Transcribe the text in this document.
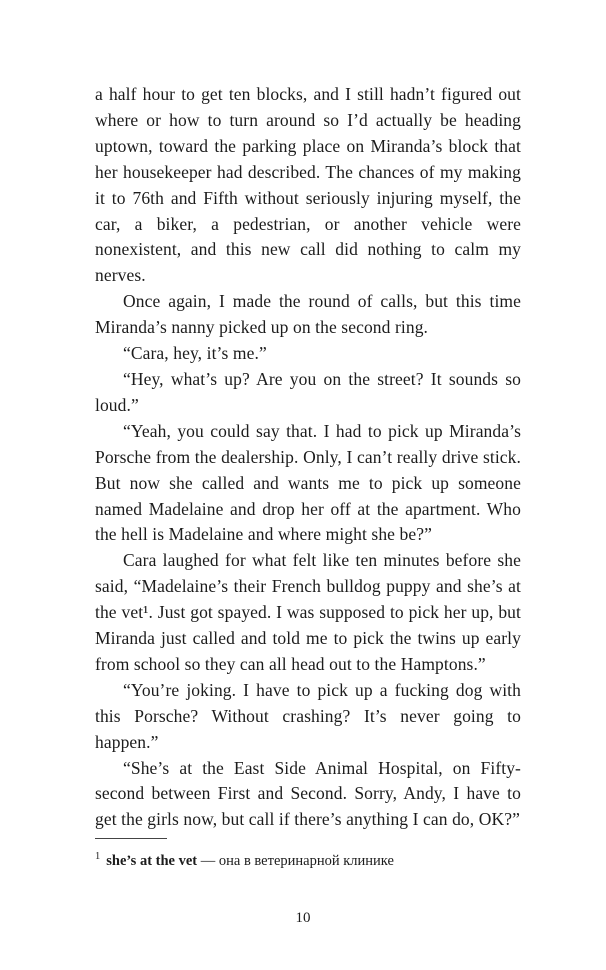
a half hour to get ten blocks, and I still hadn’t figured out where or how to turn around so I’d actually be heading uptown, toward the parking place on Miranda’s block that her housekeeper had described. The chances of my making it to 76th and Fifth without seriously injuring myself, the car, a biker, a pedestrian, or another vehicle were nonexistent, and this new call did nothing to calm my nerves.

Once again, I made the round of calls, but this time Miranda’s nanny picked up on the second ring.

“Cara, hey, it’s me.”

“Hey, what’s up? Are you on the street? It sounds so loud.”

“Yeah, you could say that. I had to pick up Miranda’s Porsche from the dealership. Only, I can’t really drive stick. But now she called and wants me to pick up someone named Madelaine and drop her off at the apartment. Who the hell is Madelaine and where might she be?”

Cara laughed for what felt like ten minutes before she said, “Madelaine’s their French bulldog puppy and she’s at the vet¹. Just got spayed. I was supposed to pick her up, but Miranda just called and told me to pick the twins up early from school so they can all head out to the Hamptons.”

“You’re joking. I have to pick up a fucking dog with this Porsche? Without crashing? It’s never going to happen.”

“She’s at the East Side Animal Hospital, on Fifty-second between First and Second. Sorry, Andy, I have to get the girls now, but call if there’s anything I can do, OK?”

$^1$ she’s at the vet — она в ветеринарной клинике

10
